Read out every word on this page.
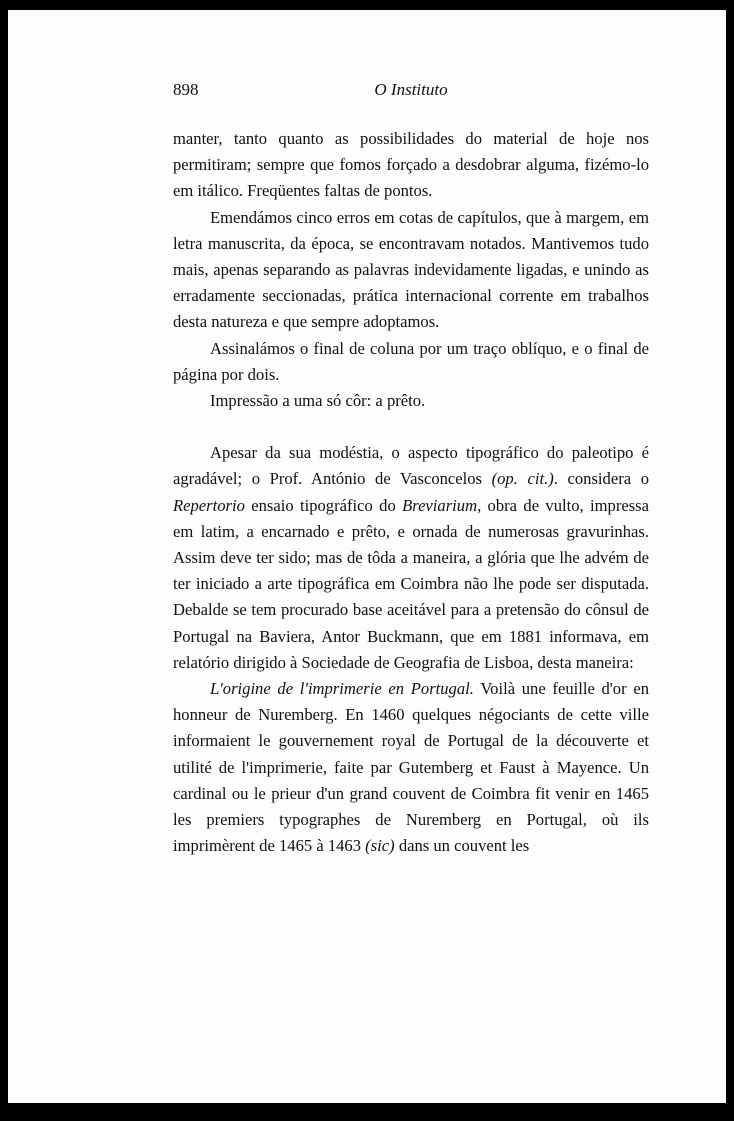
898	O Instituto

manter, tanto quanto as possibilidades do material de hoje nos permitiram; sempre que fomos forçado a desdobrar alguma, fizémo-lo em itálico. Freqüentes faltas de pontos.

Emendámos cinco erros em cotas de capítulos, que à margem, em letra manuscrita, da época, se encontravam notados. Mantivemos tudo mais, apenas separando as palavras indevidamente ligadas, e unindo as erradamente seccionadas, prática internacional corrente em trabalhos desta natureza e que sempre adoptamos.

Assinalámos o final de coluna por um traço oblíquo, e o final de página por dois.

Impressão a uma só côr: a prêto.

Apesar da sua modéstia, o aspecto tipográfico do paleotipo é agradável; o Prof. António de Vasconcelos (op. cit.). considera o Repertorio ensaio tipográfico do Breviarium, obra de vulto, impressa em latim, a encarnado e prêto, e ornada de numerosas gravurinhas. Assim deve ter sido; mas de tôda a maneira, a glória que lhe advém de ter iniciado a arte tipográfica em Coimbra não lhe pode ser disputada. Debalde se tem procurado base aceitável para a pretensão do cônsul de Portugal na Baviera, Antor Buckmann, que em 1881 informava, em relatório dirigido à Sociedade de Geografia de Lisboa, desta maneira:

L'origine de l'imprimerie en Portugal. Voilà une feuille d'or en honneur de Nuremberg. En 1460 quelques négociants de cette ville informaient le gouvernement royal de Portugal de la découverte et utilité de l'imprimerie, faite par Gutemberg et Faust à Mayence. Un cardinal ou le prieur d'un grand couvent de Coimbra fit venir en 1465 les premiers typographes de Nuremberg en Portugal, où ils imprimèrent de 1465 à 1463 (sic) dans un couvent les
